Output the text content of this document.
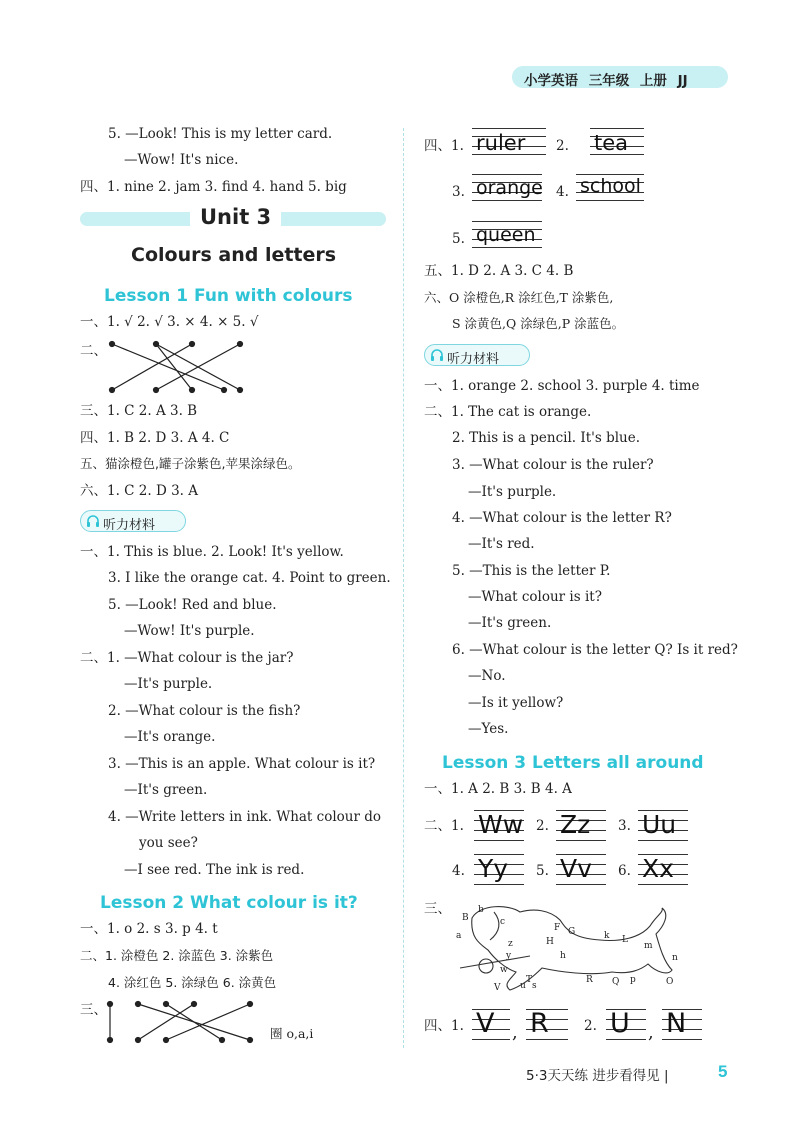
小学英语 三年级 上册 JJ
5. —Look! This is my letter card.
—Wow! It's nice.
四、1. nine 2. jam 3. find 4. hand 5. big
Unit 3
Colours and letters
Lesson 1 Fun with colours
一、1. √ 2. √ 3. × 4. × 5. √
二、
三、1. C 2. A 3. B
四、1. B 2. D 3. A 4. C
五、猫涂橙色,罐子涂紫色,苹果涂绿色。
六、1. C 2. D 3. A
听力材料
一、1. This is blue. 2. Look! It's yellow.
3. I like the orange cat. 4. Point to green.
5. —Look! Red and blue.
—Wow! It's purple.
二、1. —What colour is the jar?
—It's purple.
2. —What colour is the fish?
—It's orange.
3. —This is an apple. What colour is it?
—It's green.
4. —Write letters in ink. What colour do
you see?
—I see red. The ink is red.
Lesson 2 What colour is it?
一、1. o 2. s 3. p 4. t
二、1. 涂橙色 2. 涂蓝色 3. 涂紫色
4. 涂红色 5. 涂绿色 6. 涂黄色
三、
圈 o,a,i
四、1. ruler 2. tea
3. orange 4. school
5. queen
五、1. D 2. A 3. C 4. B
六、O 涂橙色,R 涂红色,T 涂紫色,
S 涂黄色,Q 涂绿色,P 涂蓝色。
听力材料
一、1. orange 2. school 3. purple 4. time
二、1. The cat is orange.
2. This is a pencil. It's blue.
3. —What colour is the ruler?
—It's purple.
4. —What colour is the letter R?
—It's red.
5. —This is the letter P.
—What colour is it?
—It's green.
6. —What colour is the letter Q? Is it red?
—No.
—Is it yellow?
—Yes.
Lesson 3 Letters all around
一、1. A 2. B 3. B 4. A
二、1. Ww 2. Zz 3. Uu
4. Yy 5. Vv 6. Xx
三、
B
a
b
c
z
y
w
V u
T
s
h
R Q p	O
n
m
L
k
G
F
H
四、1. V , R	2. U , N
5·3天天练 进步看得见 |	5
